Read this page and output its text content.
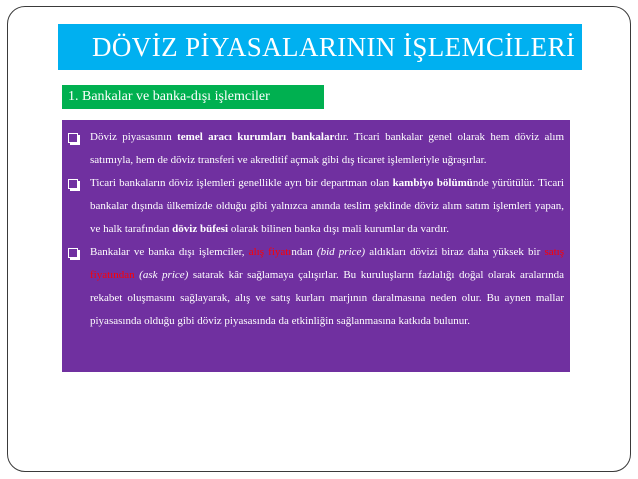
DÖVİZ PİYASALARININ İŞLEMCİLERİ
1. Bankalar ve banka-dışı işlemciler
Döviz piyasasının temel aracı kurumları bankalardır. Ticari bankalar genel olarak hem döviz alım satımıyla, hem de döviz transferi ve akreditif açmak gibi dış ticaret işlemleriyle uğraşırlar.
Ticari bankaların döviz işlemleri genellikle ayrı bir departman olan kambiyo bölümünde yürütülür. Ticari bankalar dışında ülkemizde olduğu gibi yalnızca anında teslim şeklinde döviz alım satım işlemleri yapan, ve halk tarafından döviz büfesi olarak bilinen banka dışı mali kurumlar da vardır.
Bankalar ve banka dışı işlemciler, alış fiyatından (bid price) aldıkları dövizi biraz daha yüksek bir satış fiyatından (ask price) satarak kâr sağlamaya çalışırlar. Bu kuruluşların fazlalığı doğal olarak aralarında rekabet oluşmasını sağlayarak, alış ve satış kurları marjının daralmasına neden olur. Bu aynen mallar piyasasında olduğu gibi döviz piyasasında da etkinliğin sağlanmasına katkıda bulunur.
